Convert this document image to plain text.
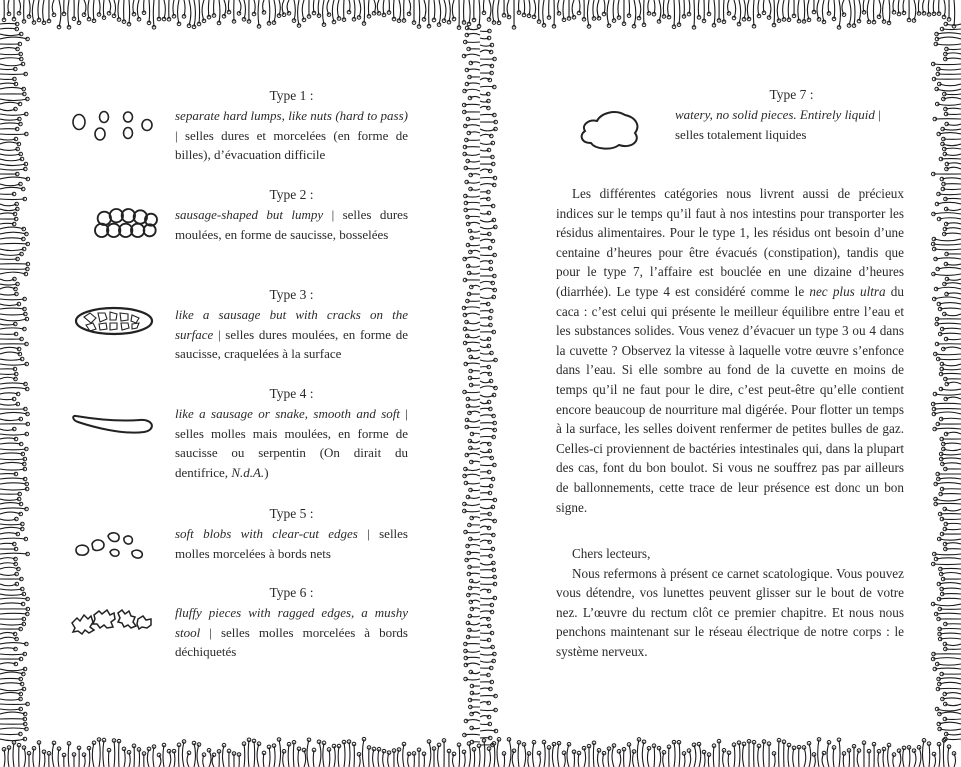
Type 1 :
separate hard lumps, like nuts (hard to pass) | selles dures et morcelées (en forme de billes), d’évacuation difficile
Type 2 :
sausage-shaped but lumpy | selles dures moulées, en forme de saucisse, bosselées
Type 3 :
like a sausage but with cracks on the surface | selles dures moulées, en forme de saucisse, craquelées à la surface
Type 4 :
like a sausage or snake, smooth and soft | selles molles mais moulées, en forme de saucisse ou serpentin (On dirait du dentifrice, N.d.A.)
Type 5 :
soft blobs with clear-cut edges | selles molles morcelées à bords nets
Type 6 :
fluffy pieces with ragged edges, a mushy stool | selles molles morcelées à bords déchiquetés
Type 7 :
watery, no solid pieces. Entirely liquid | selles totalement liquides

Les différentes catégories nous livrent aussi de précieux indices sur le temps qu’il faut à nos intestins pour transporter les résidus alimentaires. Pour le type 1, les résidus ont besoin d’une centaine d’heures pour être évacués (constipation), tandis que pour le type 7, l’affaire est bouclée en une dizaine d’heures (diarrhée). Le type 4 est considéré comme le nec plus ultra du caca : c’est celui qui présente le meilleur équilibre entre l’eau et les substances solides. Vous venez d’évacuer un type 3 ou 4 dans la cuvette ? Observez la vitesse à laquelle votre œuvre s’enfonce dans l’eau. Si elle sombre au fond de la cuvette en moins de temps qu’il ne faut pour le dire, c’est peut-être qu’elle contient encore beaucoup de nourriture mal digérée. Pour flotter un temps à la surface, les selles doivent renfermer de petites bulles de gaz. Celles-ci proviennent de bactéries intestinales qui, dans la plupart des cas, font du bon boulot. Si vous ne souffrez pas par ailleurs de ballonnements, cette trace de leur présence est donc un bon signe.

Chers lecteurs,

Nous refermons à présent ce carnet scatologique. Vous pouvez vous détendre, vos lunettes peuvent glisser sur le bout de votre nez. L’œuvre du rectum clôt ce premier chapitre. Et nous nous penchons maintenant sur le réseau électrique de notre corps : le système nerveux.
